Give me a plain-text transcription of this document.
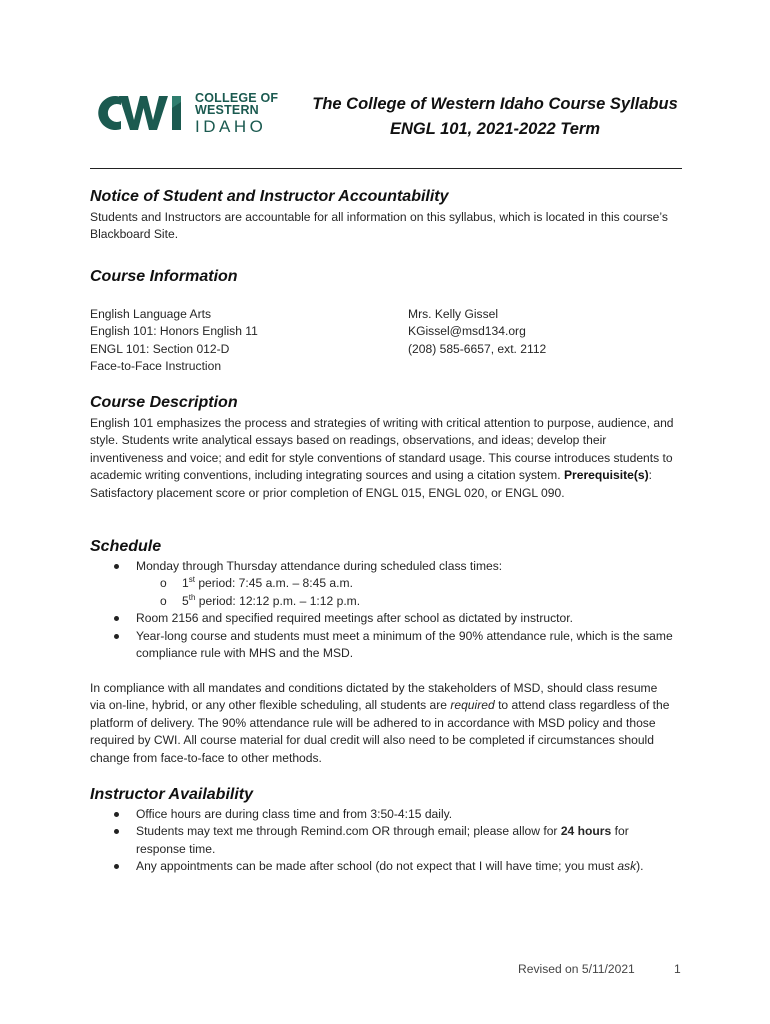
COLLEGE OF
WESTERN
IDAHO
The College of Western Idaho Course Syllabus
ENGL 101, 2021-2022 Term
Notice of Student and Instructor Accountability
Students and Instructors are accountable for all information on this syllabus, which is located in this course’s Blackboard Site.
Course Information
English Language Arts
English 101: Honors English 11
ENGL 101: Section 012-D
Face-to-Face Instruction
Mrs. Kelly Gissel
KGissel@msd134.org
(208) 585-6657, ext. 2112
Course Description
English 101 emphasizes the process and strategies of writing with critical attention to purpose, audience, and style. Students write analytical essays based on readings, observations, and ideas; develop their inventiveness and voice; and edit for style conventions of standard usage. This course introduces students to academic writing conventions, including integrating sources and using a citation system. Prerequisite(s): Satisfactory placement score or prior completion of ENGL 015, ENGL 020, or ENGL 090.
Schedule
Monday through Thursday attendance during scheduled class times:
o 1st period: 7:45 a.m. – 8:45 a.m.
o 5th period: 12:12 p.m. – 1:12 p.m.
Room 2156 and specified required meetings after school as dictated by instructor.
Year-long course and students must meet a minimum of the 90% attendance rule, which is the same compliance rule with MHS and the MSD.
In compliance with all mandates and conditions dictated by the stakeholders of MSD, should class resume via on-line, hybrid, or any other flexible scheduling, all students are required to attend class regardless of the platform of delivery. The 90% attendance rule will be adhered to in accordance with MSD policy and those required by CWI. All course material for dual credit will also need to be completed if circumstances should change from face-to-face to other methods.
Instructor Availability
Office hours are during class time and from 3:50-4:15 daily.
Students may text me through Remind.com OR through email; please allow for 24 hours for response time.
Any appointments can be made after school (do not expect that I will have time; you must ask).
Revised on 5/11/2021	1
